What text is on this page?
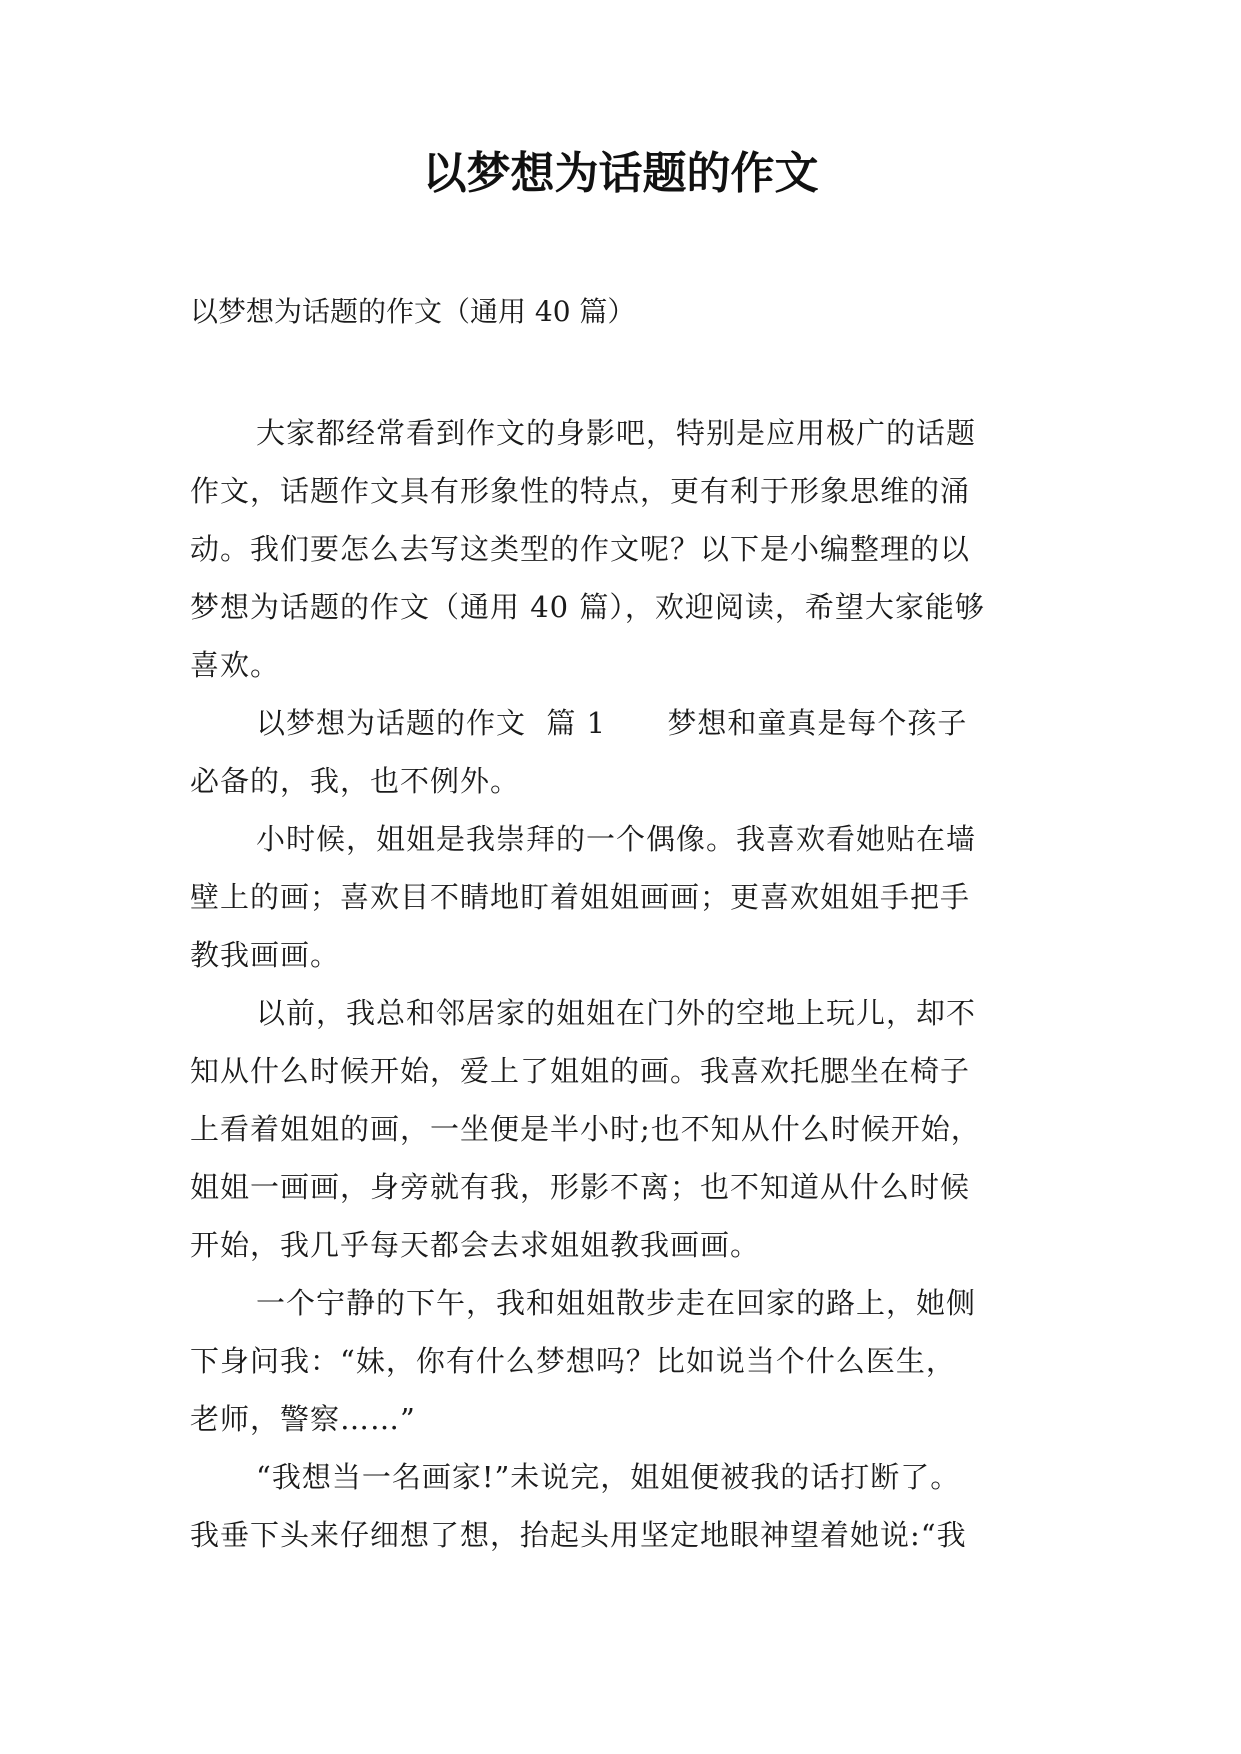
以梦想为话题的作文
以梦想为话题的作文（通用 40 篇）
大家都经常看到作文的身影吧，特别是应用极广的话题
作文，话题作文具有形象性的特点，更有利于形象思维的涌
动。我们要怎么去写这类型的作文呢？以下是小编整理的以
梦想为话题的作文（通用 40 篇），欢迎阅读，希望大家能够
喜欢。
以梦想为话题的作文  篇 1      梦想和童真是每个孩子
必备的，我，也不例外。
小时候，姐姐是我崇拜的一个偶像。我喜欢看她贴在墙
壁上的画；喜欢目不睛地盯着姐姐画画；更喜欢姐姐手把手
教我画画。
以前，我总和邻居家的姐姐在门外的空地上玩儿，却不
知从什么时候开始，爱上了姐姐的画。我喜欢托腮坐在椅子
上看着姐姐的画，一坐便是半小时;也不知从什么时候开始，
姐姐一画画，身旁就有我，形影不离；也不知道从什么时候
开始，我几乎每天都会去求姐姐教我画画。
一个宁静的下午，我和姐姐散步走在回家的路上，她侧
下身问我：“妹，你有什么梦想吗？比如说当个什么医生，
老师，警察……”
“我想当一名画家!”未说完，姐姐便被我的话打断了。
我垂下头来仔细想了想，抬起头用坚定地眼神望着她说:“我
